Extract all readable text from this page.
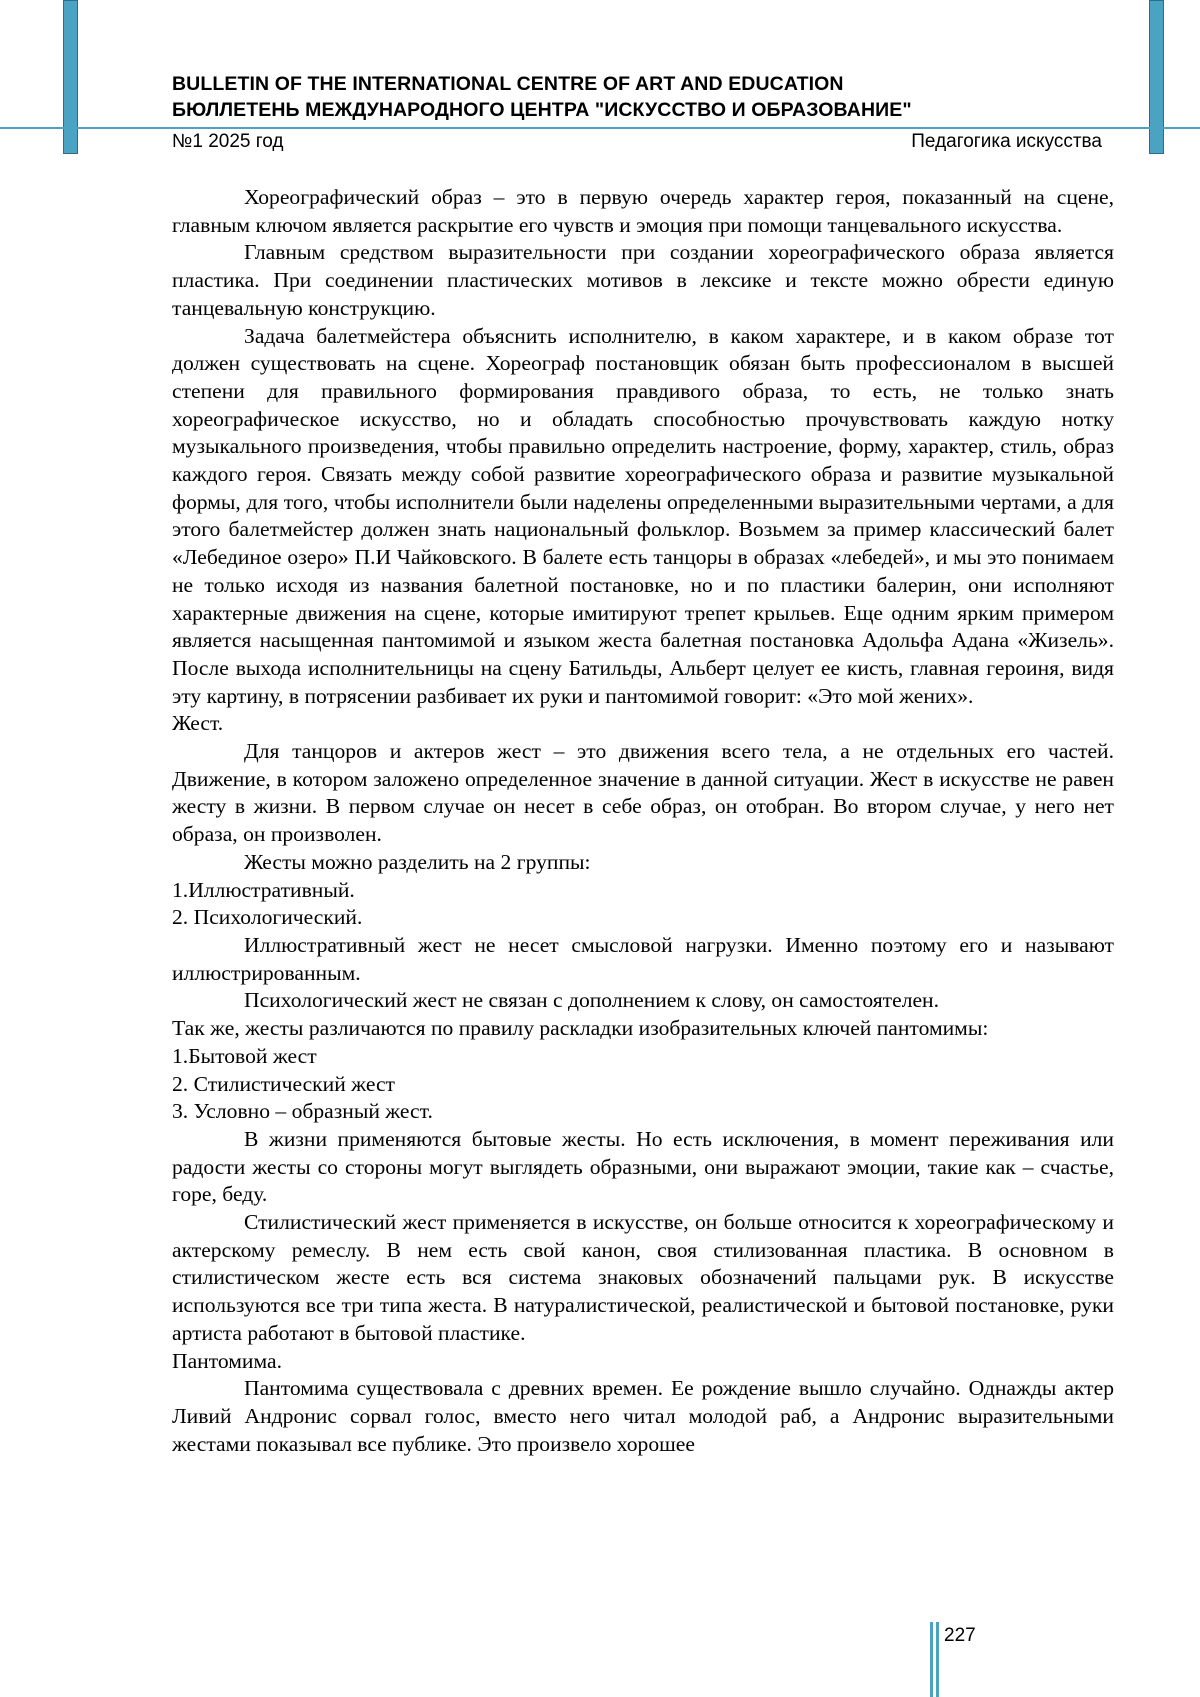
BULLETIN OF THE INTERNATIONAL CENTRE OF ART AND EDUCATION
БЮЛЛЕТЕНЬ МЕЖДУНАРОДНОГО ЦЕНТРА "ИСКУССТВО И ОБРАЗОВАНИЕ"
№1 2025 год	Педагогика искусства

Хореографический образ – это в первую очередь характер героя, показанный на сцене, главным ключом является раскрытие его чувств и эмоция при помощи танцевального искусства.

Главным средством выразительности при создании хореографического образа является пластика. При соединении пластических мотивов в лексике и тексте можно обрести единую танцевальную конструкцию.

Задача балетмейстера объяснить исполнителю, в каком характере, и в каком образе тот должен существовать на сцене. Хореограф постановщик обязан быть профессионалом в высшей степени для правильного формирования правдивого образа, то есть, не только знать хореографическое искусство, но и обладать способностью прочувствовать каждую нотку музыкального произведения, чтобы правильно определить настроение, форму, характер, стиль, образ каждого героя. Связать между собой развитие хореографического образа и развитие музыкальной формы, для того, чтобы исполнители были наделены определенными выразительными чертами, а для этого балетмейстер должен знать национальный фольклор. Возьмем за пример классический балет «Лебединое озеро» П.И Чайковского. В балете есть танцоры в образах «лебедей», и мы это понимаем не только исходя из названия балетной постановке, но и по пластики балерин, они исполняют характерные движения на сцене, которые имитируют трепет крыльев. Еще одним ярким примером является насыщенная пантомимой и языком жеста балетная постановка Адольфа Адана «Жизель». После выхода исполнительницы на сцену Батильды, Альберт целует ее кисть, главная героиня, видя эту картину, в потрясении разбивает их руки и пантомимой говорит: «Это мой жених».

Жест.

Для танцоров и актеров жест – это движения всего тела, а не отдельных его частей. Движение, в котором заложено определенное значение в данной ситуации. Жест в искусстве не равен жесту в жизни. В первом случае он несет в себе образ, он отобран. Во втором случае, у него нет образа, он произволен.

Жесты можно разделить на 2 группы:

1.Иллюстративный.

2. Психологический.

Иллюстративный жест не несет смысловой нагрузки. Именно поэтому его и называют иллюстрированным.

Психологический жест не связан с дополнением к слову, он самостоятелен.

Так же, жесты различаются по правилу раскладки изобразительных ключей пантомимы:

1.Бытовой жест

2. Стилистический жест

3. Условно – образный жест.

В жизни применяются бытовые жесты. Но есть исключения, в момент переживания или радости жесты со стороны могут выглядеть образными, они выражают эмоции, такие как – счастье, горе, беду.

Стилистический жест применяется в искусстве, он больше относится к хореографическому и актерскому ремеслу. В нем есть свой канон, своя стилизованная пластика. В основном в стилистическом жесте есть вся система знаковых обозначений пальцами рук. В искусстве используются все три типа жеста. В натуралистической, реалистической и бытовой постановке, руки артиста работают в бытовой пластике.

Пантомима.

Пантомима существовала с древних времен. Ее рождение вышло случайно. Однажды актер Ливий Андронис сорвал голос, вместо него читал молодой раб, а Андронис выразительными жестами показывал все публике. Это произвело хорошее

227
